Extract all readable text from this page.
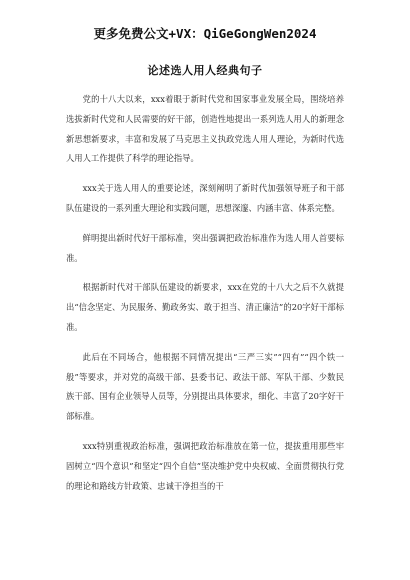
更多免费公文+VX：QiGeGongWen2024
论述选人用人经典句子

党的十八大以来，xxx着眼于新时代党和国家事业发展全局，围绕培养选拔新时代党和人民需要的好干部，创造性地提出一系列选人用人的新理念新思想新要求，丰富和发展了马克思主义执政党选人用人理论，为新时代选人用人工作提供了科学的理论指导。

xxx关于选人用人的重要论述，深刻阐明了新时代加强领导班子和干部队伍建设的一系列重大理论和实践问题，思想深邃、内涵丰富、体系完整。

鲜明提出新时代好干部标准，突出强调把政治标准作为选人用人首要标准。

根据新时代对干部队伍建设的新要求，xxx在党的十八大之后不久就提出“信念坚定、为民服务、勤政务实、敢于担当、清正廉洁”的20字好干部标准。

此后在不同场合，他根据不同情况提出“三严三实”“四有”“四个铁一般”等要求，并对党的高级干部、县委书记、政法干部、军队干部、少数民族干部、国有企业领导人员等，分别提出具体要求，细化、丰富了20字好干部标准。

xxx特别重视政治标准，强调把政治标准放在第一位，提拔重用那些牢固树立“四个意识”和坚定“四个自信”坚决维护党中央权威、全面贯彻执行党的理论和路线方针政策、忠诚干净担当的干
